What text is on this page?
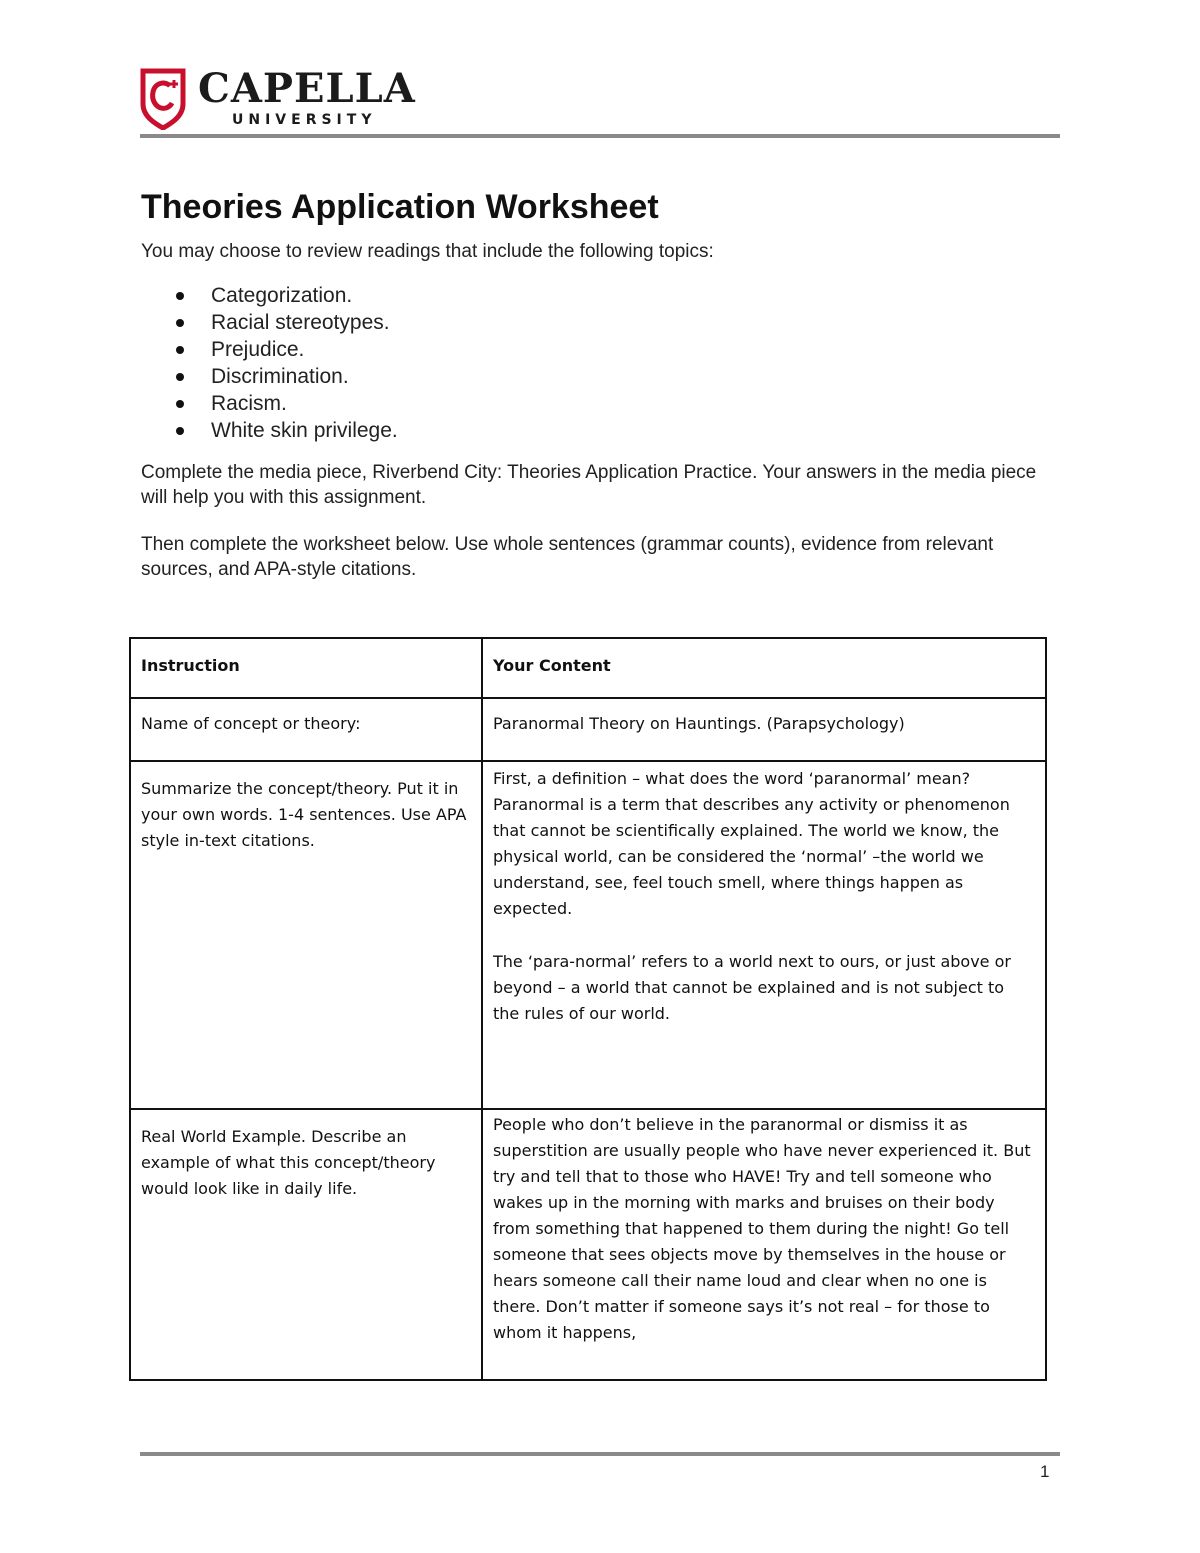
CAPELLA
UNIVERSITY
Theories Application Worksheet

You may choose to review readings that include the following topics:

Categorization.
Racial stereotypes.
Prejudice.
Discrimination.
Racism.
White skin privilege.

Complete the media piece, Riverbend City: Theories Application Practice. Your answers in the media piece will help you with this assignment.

Then complete the worksheet below. Use whole sentences (grammar counts), evidence from relevant sources, and APA-style citations.

Instruction	Your Content
Name of concept or theory:	Paranormal Theory on Hauntings. (Parapsychology)
Summarize the concept/theory. Put it in your own words. 1-4 sentences. Use APA style in-text citations.	First, a definition – what does the word ‘paranormal’ mean? Paranormal is a term that describes any activity or phenomenon that cannot be scientifically explained. The world we know, the physical world, can be considered the ‘normal’ –the world we understand, see, feel touch smell, where things happen as expected.

The ‘para-normal’ refers to a world next to ours, or just above or beyond – a world that cannot be explained and is not subject to the rules of our world.

Real World Example. Describe an example of what this concept/theory would look like in daily life.	People who don’t believe in the paranormal or dismiss it as superstition are usually people who have never experienced it. But try and tell that to those who HAVE! Try and tell someone who wakes up in the morning with marks and bruises on their body from something that happened to them during the night! Go tell someone that sees objects move by themselves in the house or hears someone call their name loud and clear when no one is there. Don’t matter if someone says it’s not real – for those to whom it happens,

1
